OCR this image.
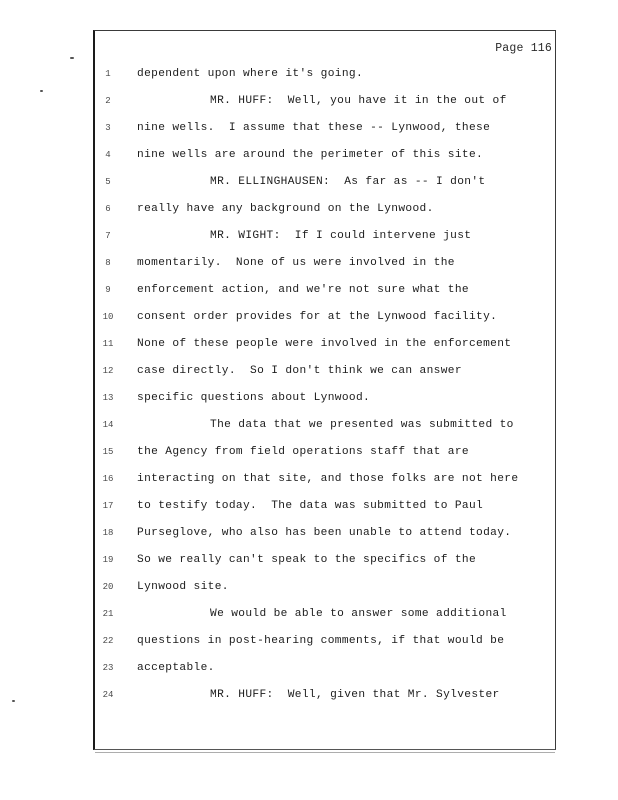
Page 116
1
2
3
4
5
6
7
8
9
10
11
12
13
14
15
16
17
18
19
20
21
22
23
24
dependent upon where it's going.
MR. HUFF:  Well, you have it in the out of
nine wells.  I assume that these -- Lynwood, these
nine wells are around the perimeter of this site.
MR. ELLINGHAUSEN:  As far as -- I don't
really have any background on the Lynwood.
MR. WIGHT:  If I could intervene just
momentarily.  None of us were involved in the
enforcement action, and we're not sure what the
consent order provides for at the Lynwood facility.
None of these people were involved in the enforcement
case directly.  So I don't think we can answer
specific questions about Lynwood.
The data that we presented was submitted to
the Agency from field operations staff that are
interacting on that site, and those folks are not here
to testify today.  The data was submitted to Paul
Purseglove, who also has been unable to attend today.
So we really can't speak to the specifics of the
Lynwood site.
We would be able to answer some additional
questions in post-hearing comments, if that would be
acceptable.
MR. HUFF:  Well, given that Mr. Sylvester
